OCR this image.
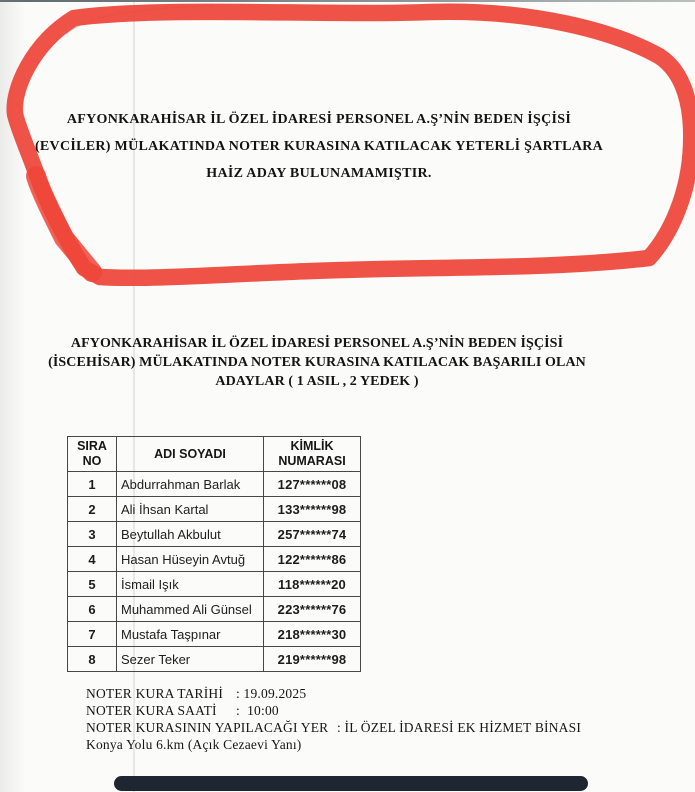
AFYONKARAHİSAR İL ÖZEL İDARESİ PERSONEL A.Ş’NİN BEDEN İŞÇİSİ
(EVCİLER) MÜLAKATINDA NOTER KURASINA KATILACAK YETERLİ ŞARTLARA
HAİZ ADAY BULUNAMAMIŞTIR.
AFYONKARAHİSAR İL ÖZEL İDARESİ PERSONEL A.Ş’NİN BEDEN İŞÇİSİ
(İSCEHİSAR) MÜLAKATINDA NOTER KURASINA KATILACAK BAŞARILI OLAN
ADAYLAR ( 1 ASIL , 2 YEDEK )
SIRA NO	ADI SOYADI	KİMLİK NUMARASI
1	Abdurrahman Barlak	127******08
2	Ali İhsan Kartal	133******98
3	Beytullah Akbulut	257******74
4	Hasan Hüseyin Avtuğ	122******86
5	İsmail Işık	118******20
6	Muhammed Ali Günsel	223******76
7	Mustafa Taşpınar	218******30
8	Sezer Teker	219******98
NOTER KURA TARİHİ : 19.09.2025
NOTER KURA SAATİ	:  10:00
NOTER KURASININ YAPILACAĞI YER : İL ÖZEL İDARESİ EK HİZMET BİNASI
Konya Yolu 6.km (Açık Cezaevi Yanı)
